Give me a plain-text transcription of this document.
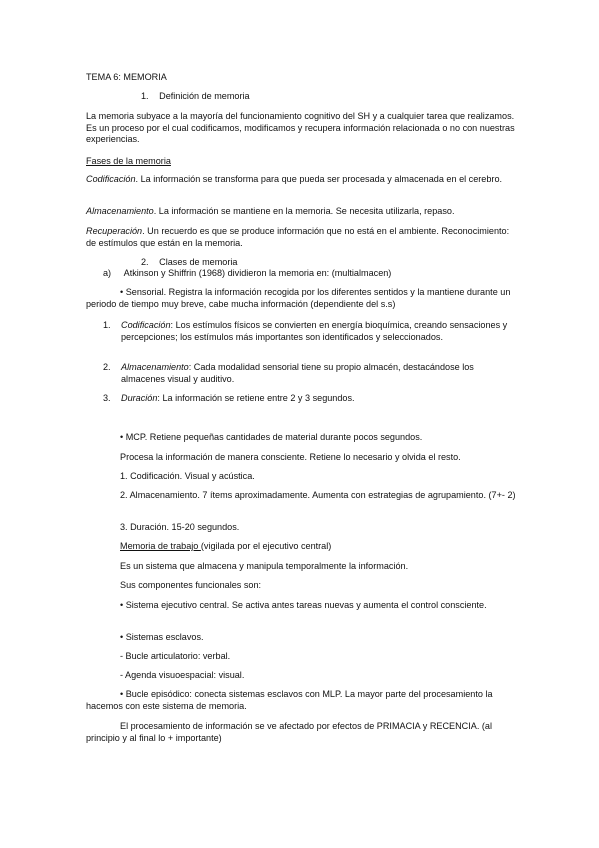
TEMA 6: MEMORIA

1. Definición de memoria

La memoria subyace a la mayoría del funcionamiento cognitivo del SH y a cualquier tarea que realizamos. Es un proceso por el cual codificamos, modificamos y recupera información relacionada o no con nuestras experiencias.

Fases de la memoria

Codificación. La información se transforma para que pueda ser procesada y almacenada en el cerebro.

Almacenamiento. La información se mantiene en la memoria. Se necesita utilizarla, repaso.

Recuperación. Un recuerdo es que se produce información que no está en el ambiente. Reconocimiento: de estímulos que están en la memoria.

2. Clases de memoria
a) Atkinson y Shiffrin (1968) dividieron la memoria en: (multialmacen)

• Sensorial. Registra la información recogida por los diferentes sentidos y la mantiene durante un periodo de tiempo muy breve, cabe mucha información (dependiente del s.s)

1. Codificación: Los estímulos físicos se convierten en energía bioquímica, creando sensaciones y percepciones; los estímulos más importantes son identificados y seleccionados.

2. Almacenamiento: Cada modalidad sensorial tiene su propio almacén, destacándose los almacenes visual y auditivo.

3. Duración: La información se retiene entre 2 y 3 segundos.

• MCP. Retiene pequeñas cantidades de material durante pocos segundos.

Procesa la información de manera consciente. Retiene lo necesario y olvida el resto.

1. Codificación. Visual y acústica.

2. Almacenamiento. 7 ítems aproximadamente. Aumenta con estrategias de agrupamiento. (7+- 2)

3. Duración. 15-20 segundos.

Memoria de trabajo (vigilada por el ejecutivo central)

Es un sistema que almacena y manipula temporalmente la información.

Sus componentes funcionales son:

• Sistema ejecutivo central. Se activa antes tareas nuevas y aumenta el control consciente.

• Sistemas esclavos.

- Bucle articulatorio: verbal.

- Agenda visuoespacial: visual.

• Bucle episódico: conecta sistemas esclavos con MLP. La mayor parte del procesamiento la hacemos con este sistema de memoria.

El procesamiento de información se ve afectado por efectos de PRIMACIA y RECENCIA. (al principio y al final lo + importante)
